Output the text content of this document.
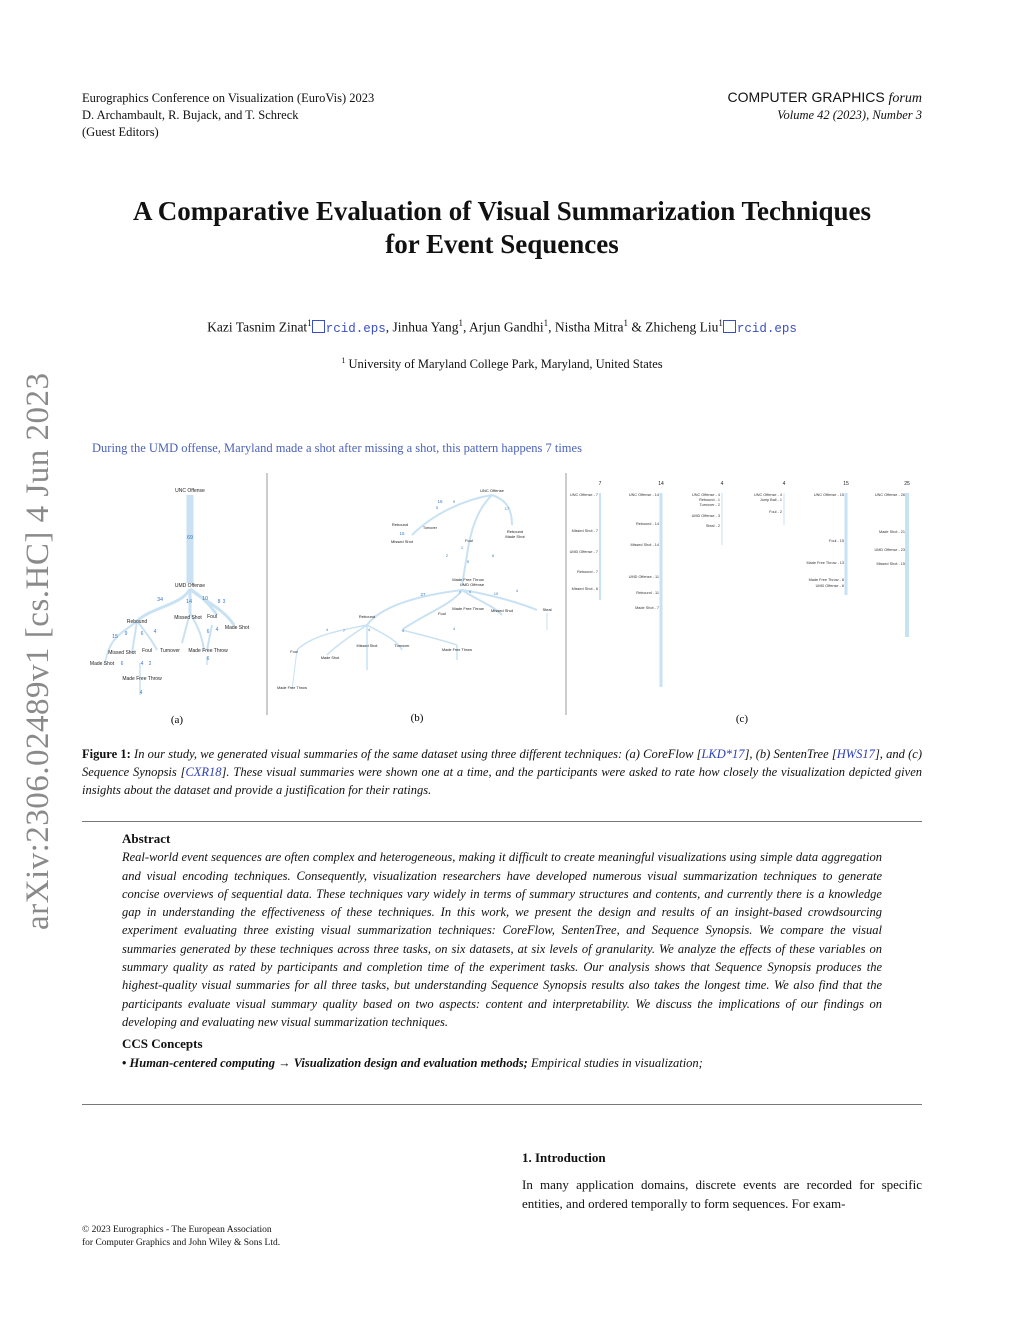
Eurographics Conference on Visualization (EuroVis) 2023
D. Archambault, R. Bujack, and T. Schreck
(Guest Editors)
COMPUTER GRAPHICS forum
Volume 42 (2023), Number 3
arXiv:2306.02489v1 [cs.HC] 4 Jun 2023
A Comparative Evaluation of Visual Summarization Techniques
for Event Sequences
Kazi Tasnim Zinat$^1$ rcid.eps, Jinhua Yang$^1$, Arjun Gandhi$^1$, Nistha Mitra$^1$ & Zhicheng Liu$^1$ rcid.eps
$^1$ University of Maryland College Park, Maryland, United States
During the UMD offense, Maryland made a shot after missing a shot, this pattern happens 7 times
UNC Offense
69
UMD Offense
34	14 10 8 3
Rebound
Missed Shot Foul
Made Shot
15 9	6 4	6 4
Missed Shot Foul Turnover Made Free Throw
Made Shot 6	4 2
6
Made Free Throw
4
UNC Offense
16	9
5	17
Rebound
Turnover
Rebound
Made Shot
15
Missed Shot	Foul
1
2
5
6
Made Free Throw
UMD Offense
27	7 4	10
4
Made Free Throw Missed Shot	Steal
Rebound
Foul
4	7	4	4	4
Missed Shot	Turnover
Made Free Throw
Foul
Made Shot
Made Free Throw
7	14	4	4	15	25
UNC Offense - 7
Missed Shot - 7
UMD Offense - 7
Rebound - 7
Missed Shot - 6
UNC Offense - 14
Rebound - 14
Missed Shot - 14
UMD Offense - 11
Rebound - 11
Made Shot - 7
UNC Offense - 4
Rebound - 1
Turnover - 2
UMD Offense - 3
Steal - 2
UNC Offense - 4
Jump Ball - 1
Foul - 2
UNC Offense - 15
Foul - 15
Made Free Throw - 13
Made Free Throw - 8
UMD Offense - 6
UNC Offense - 26
Made Shot - 21
UMD Offense - 23
Missed Shot - 15
(a)	(b)	(c)
Figure 1: In our study, we generated visual summaries of the same dataset using three different techniques: (a) CoreFlow [LKD*17], (b) SentenTree [HWS17], and (c) Sequence Synopsis [CXR18]. These visual summaries were shown one at a time, and the participants were asked to rate how closely the visualization depicted given insights about the dataset and provide a justification for their ratings.
Abstract

Real-world event sequences are often complex and heterogeneous, making it difficult to create meaningful visualizations using simple data aggregation and visual encoding techniques. Consequently, visualization researchers have developed numerous visual summarization techniques to generate concise overviews of sequential data. These techniques vary widely in terms of summary structures and contents, and currently there is a knowledge gap in understanding the effectiveness of these techniques. In this work, we present the design and results of an insight-based crowdsourcing experiment evaluating three existing visual summarization techniques: CoreFlow, SentenTree, and Sequence Synopsis. We compare the visual summaries generated by these techniques across three tasks, on six datasets, at six levels of granularity. We analyze the effects of these variables on summary quality as rated by participants and completion time of the experiment tasks. Our analysis shows that Sequence Synopsis produces the highest-quality visual summaries for all three tasks, but understanding Sequence Synopsis results also takes the longest time. We also find that the participants evaluate visual summary quality based on two aspects: content and interpretability. We discuss the implications of our findings on developing and evaluating new visual summarization techniques.

CCS Concepts
• Human-centered computing → Visualization design and evaluation methods; Empirical studies in visualization;
1. Introduction

In many application domains, discrete events are recorded for specific entities, and ordered temporally to form sequences. For exam-

© 2023 Eurographics - The European Association
for Computer Graphics and John Wiley & Sons Ltd.
